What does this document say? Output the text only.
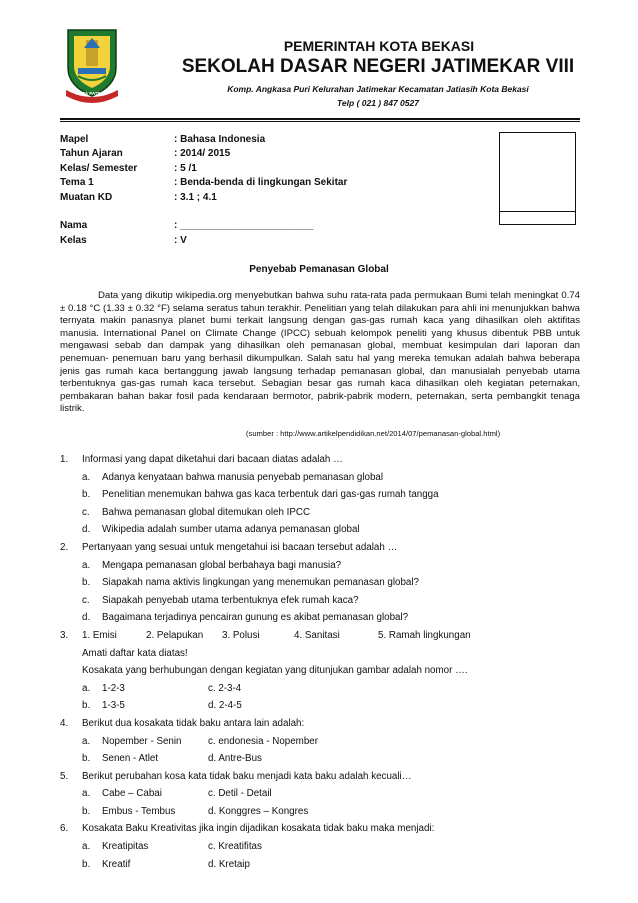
KOTA PATRIOT
PEMERINTAH KOTA BEKASI
SEKOLAH DASAR NEGERI JATIMEKAR VIII
Komp. Angkasa Puri Kelurahan Jatimekar Kecamatan Jatiasih Kota Bekasi
Telp ( 021 ) 847 0527
Mapel	: Bahasa Indonesia
Tahun Ajaran	: 2014/ 2015
Kelas/ Semester	: 5 /1
Tema 1	: Benda-benda di lingkungan Sekitar
Muatan KD	: 3.1 ; 4.1
Nama	: ________________________
Kelas	: V
Penyebab Pemanasan Global

Data yang dikutip wikipedia.org menyebutkan bahwa suhu rata-rata pada permukaan Bumi telah meningkat 0.74 ± 0.18 °C (1.33 ± 0.32 °F) selama seratus tahun terakhir. Penelitian yang telah dilakukan para ahli ini menunjukkan bahwa ternyata makin panasnya planet bumi terkait langsung dengan gas-gas rumah kaca yang dihasilkan oleh aktifitas manusia. International Panel on Climate Change (IPCC) sebuah kelompok peneliti yang khusus dibentuk PBB untuk mengawasi sebab dan dampak yang dihasilkan oleh pemanasan global, membuat kesimpulan dari laporan dan penemuan- penemuan baru yang berhasil dikumpulkan. Salah satu hal yang mereka temukan adalah bahwa beberapa jenis gas rumah kaca bertanggung jawab langsung terhadap pemanasan global, dan manusialah penyebab utama terbentuknya gas-gas rumah kaca tersebut. Sebagian besar gas rumah kaca dihasilkan oleh kegiatan peternakan, pembakaran bahan bakar fosil pada kendaraan bermotor, pabrik-pabrik modern, peternakan, serta pembangkit tenaga listrik.

(sumber : http://www.artikelpendidikan.net/2014/07/pemanasan-global.html)
1.	Informasi yang dapat diketahui dari bacaan diatas adalah …
a.	Adanya kenyataan bahwa manusia penyebab pemanasan global
b.	Penelitian menemukan bahwa gas kaca terbentuk dari gas-gas rumah tangga
c.	Bahwa pemanasan global ditemukan oleh IPCC
d.	Wikipedia adalah sumber utama adanya pemanasan global
2.	Pertanyaan yang sesuai untuk mengetahui isi bacaan tersebut adalah …
a.	Mengapa pemanasan global berbahaya bagi manusia?
b.	Siapakah nama aktivis lingkungan yang menemukan pemanasan global?
c.	Siapakah penyebab utama terbentuknya efek rumah kaca?
d.	Bagaimana terjadinya pencairan gunung es akibat pemanasan global?
3.	1. Emisi	2. Pelapukan	3. Polusi	4. Sanitasi	5. Ramah lingkungan
Amati daftar kata diatas!
Kosakata yang berhubungan dengan kegiatan yang ditunjukan gambar adalah nomor ….
a.	1-2-3	c. 2-3-4
b.	1-3-5	d. 2-4-5
4.	Berikut dua kosakata tidak baku antara lain adalah:
a.	Nopember - Senin	c. endonesia - Nopember
b.	Senen - Atlet	d. Antre-Bus
5.	Berikut perubahan kosa kata tidak baku menjadi kata baku adalah kecuali…
a.	Cabe – Cabai	c. Detil - Detail
b.	Embus - Tembus	d. Konggres – Kongres
6.	Kosakata Baku Kreativitas jika ingin dijadikan kosakata tidak baku maka menjadi:
a.	Kreatipitas	c. Kreatifitas
b.	Kreatif	d. Kretaip
